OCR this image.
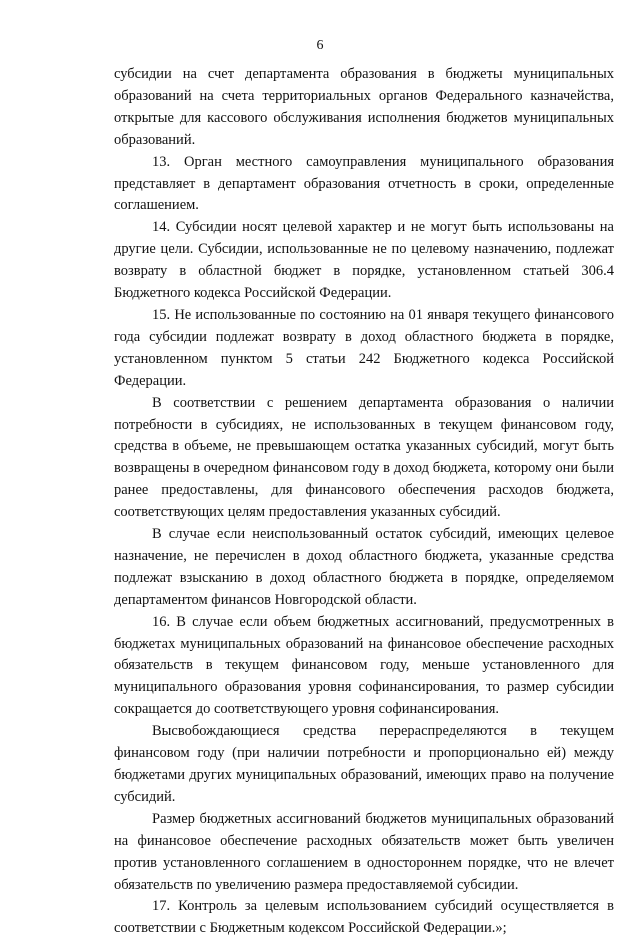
6

субсидии на счет департамента образования в бюджеты муниципальных образований на счета территориальных органов Федерального казначейства, открытые для кассового обслуживания исполнения бюджетов муниципальных образований.

13. Орган местного самоуправления муниципального образования представляет в департамент образования отчетность в сроки, определенные соглашением.

14. Субсидии носят целевой характер и не могут быть использованы на другие цели. Субсидии, использованные не по целевому назначению, подлежат возврату в областной бюджет в порядке, установленном статьей 306.4 Бюджетного кодекса Российской Федерации.

15. Не использованные по состоянию на 01 января текущего финансового года субсидии подлежат возврату в доход областного бюджета в порядке, установленном пунктом 5 статьи 242 Бюджетного кодекса Российской Федерации.

В соответствии с решением департамента образования о наличии потребности в субсидиях, не использованных в текущем финансовом году, средства в объеме, не превышающем остатка указанных субсидий, могут быть возвращены в очередном финансовом году в доход бюджета, которому они были ранее предоставлены, для финансового обеспечения расходов бюджета, соответствующих целям предоставления указанных субсидий.

В случае если неиспользованный остаток субсидий, имеющих целевое назначение, не перечислен в доход областного бюджета, указанные средства подлежат взысканию в доход областного бюджета в порядке, определяемом департаментом финансов Новгородской области.

16. В случае если объем бюджетных ассигнований, предусмотренных в бюджетах муниципальных образований на финансовое обеспечение расходных обязательств в текущем финансовом году, меньше установленного для муниципального образования уровня софинансирования, то размер субсидии сокращается до соответствующего уровня софинансирования.

Высвобождающиеся средства перераспределяются в текущем финансовом году (при наличии потребности и пропорционально ей) между бюджетами других муниципальных образований, имеющих право на получение субсидий.

Размер бюджетных ассигнований бюджетов муниципальных образований на финансовое обеспечение расходных обязательств может быть увеличен против установленного соглашением в одностороннем порядке, что не влечет обязательств по увеличению размера предоставляемой субсидии.

17. Контроль за целевым использованием субсидий осуществляется в соответствии с Бюджетным кодексом Российской Федерации.»;
